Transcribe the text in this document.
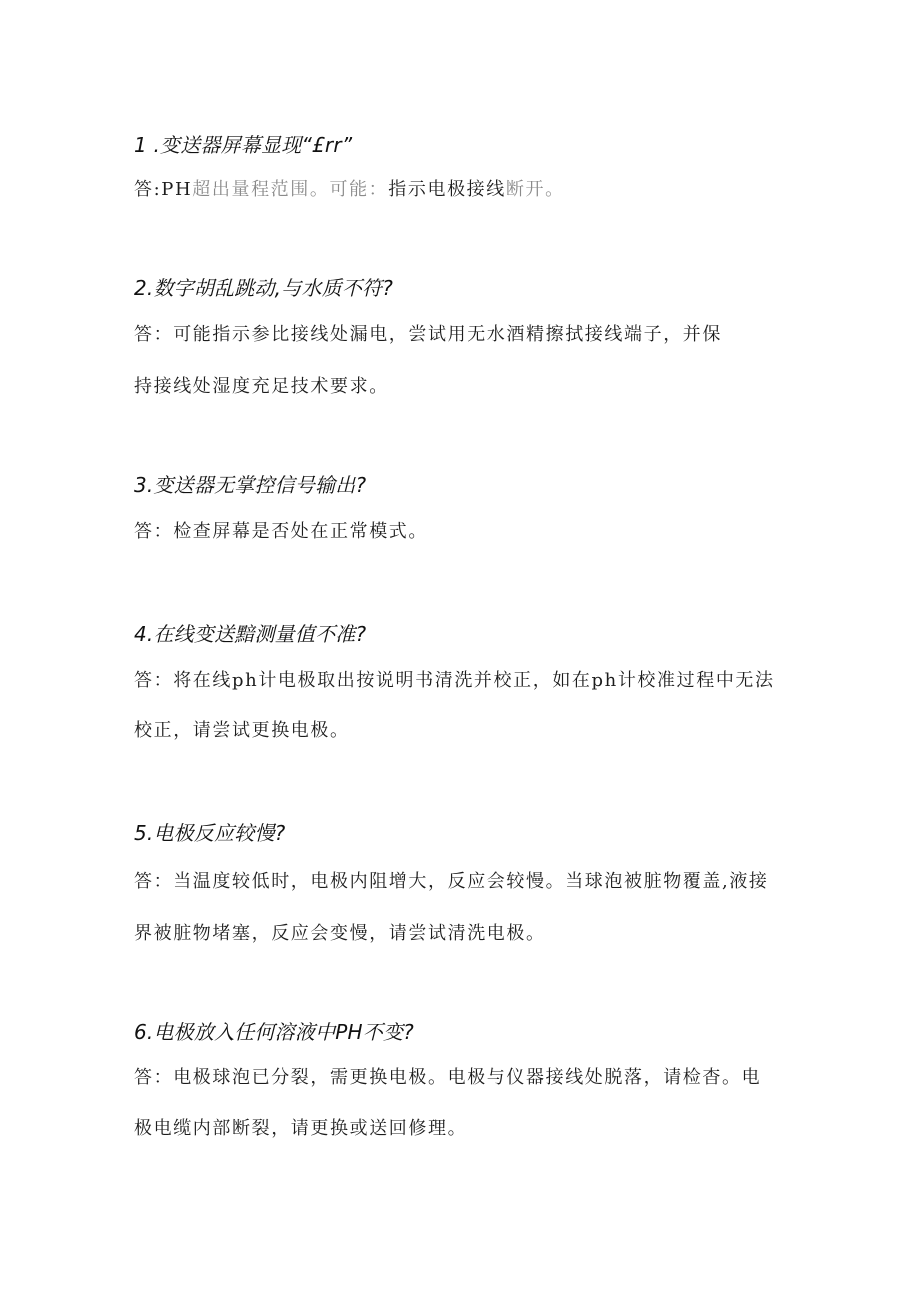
1 .变送器屏幕显现“£rr”
答:PH超出量程范围。可能：指示电极接线断开。
2.数字胡乱跳动,与水质不符?
答：可能指示参比接线处漏电，尝试用无水酒精擦拭接线端子，并保
持接线处湿度充足技术要求。
3.变送器无掌控信号输出?
答：检查屏幕是否处在正常模式。
4.在线变送黯测量值不准?
答：将在线ph计电极取出按说明书清洗并校正，如在ph计校准过程中无法
校正，请尝试更换电极。
5.电极反应较慢?
答：当温度较低时，电极内阻增大，反应会较慢。当球泡被脏物覆盖,液接
界被脏物堵塞，反应会变慢，请尝试清洗电极。
6.电极放入任何溶液中PH不变?
答：电极球泡已分裂，需更换电极。电极与仪器接线处脱落，请检杳。电
极电缆内部断裂，请更换或送回修理。
